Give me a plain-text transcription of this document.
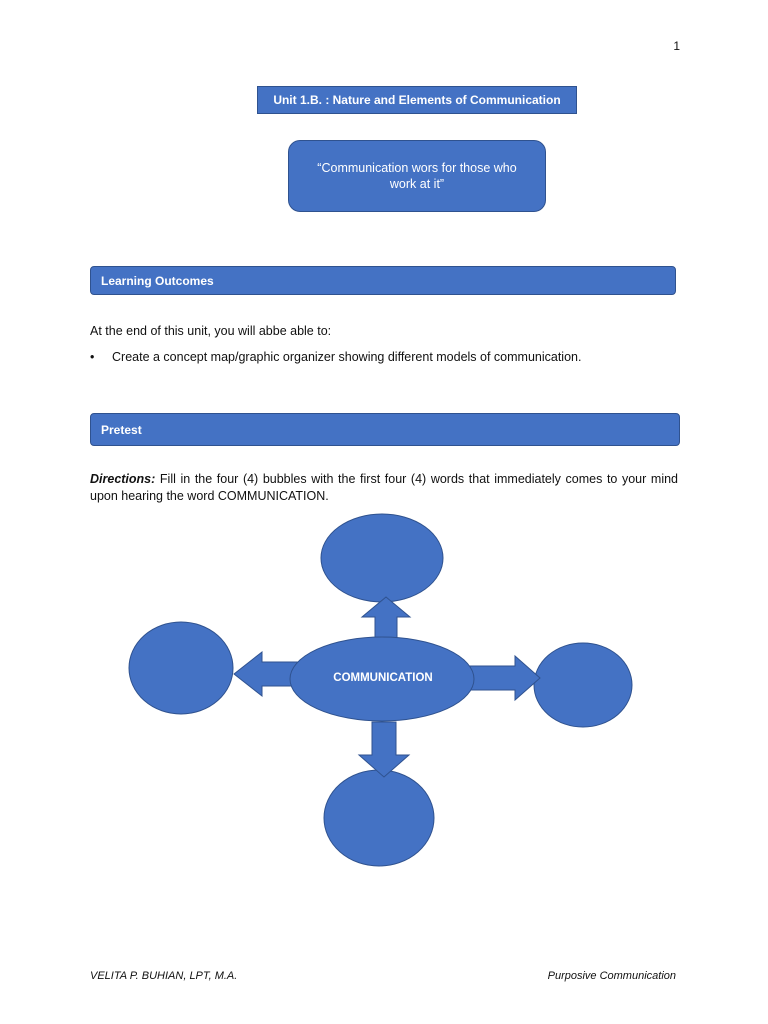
1
Unit 1.B. : Nature and Elements of Communication
“Communication wors for those who work at it”
Learning Outcomes
At the end of this unit, you will abbe able to:
•	Create a concept map/graphic organizer showing different models of communication.
Pretest
Directions: Fill in the four (4) bubbles with the first four (4) words that immediately comes to your mind upon hearing the word COMMUNICATION.
COMMUNICATION
VELITA P. BUHIAN, LPT, M.A.	Purposive Communication
